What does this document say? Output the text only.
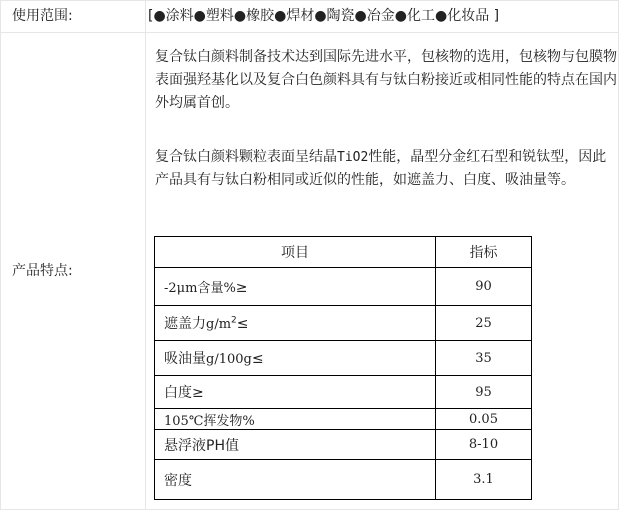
使用范围:	[●涂料●塑料●橡胶●焊材●陶瓷●冶金●化工●化妆品 ]
产品特点:
复合钛白颜料制备技术达到国际先进水平，包核物的选用，包核物与包膜物表面强羟基化以及复合白色颜料具有与钛白粉接近或相同性能的特点在国内外均属首创。
复合钛白颜料颗粒表面呈结晶TiO2性能，晶型分金红石型和锐钛型，因此产品具有与钛白粉相同或近似的性能，如遮盖力、白度、吸油量等。
项目	指标
-2μm含量%≥	90
遮盖力$g/m^2\le$	25
吸油量g/100g≤	35
白度≥	95
105℃挥发物%	0.05
悬浮液PH值	8-10
密度	3.1
